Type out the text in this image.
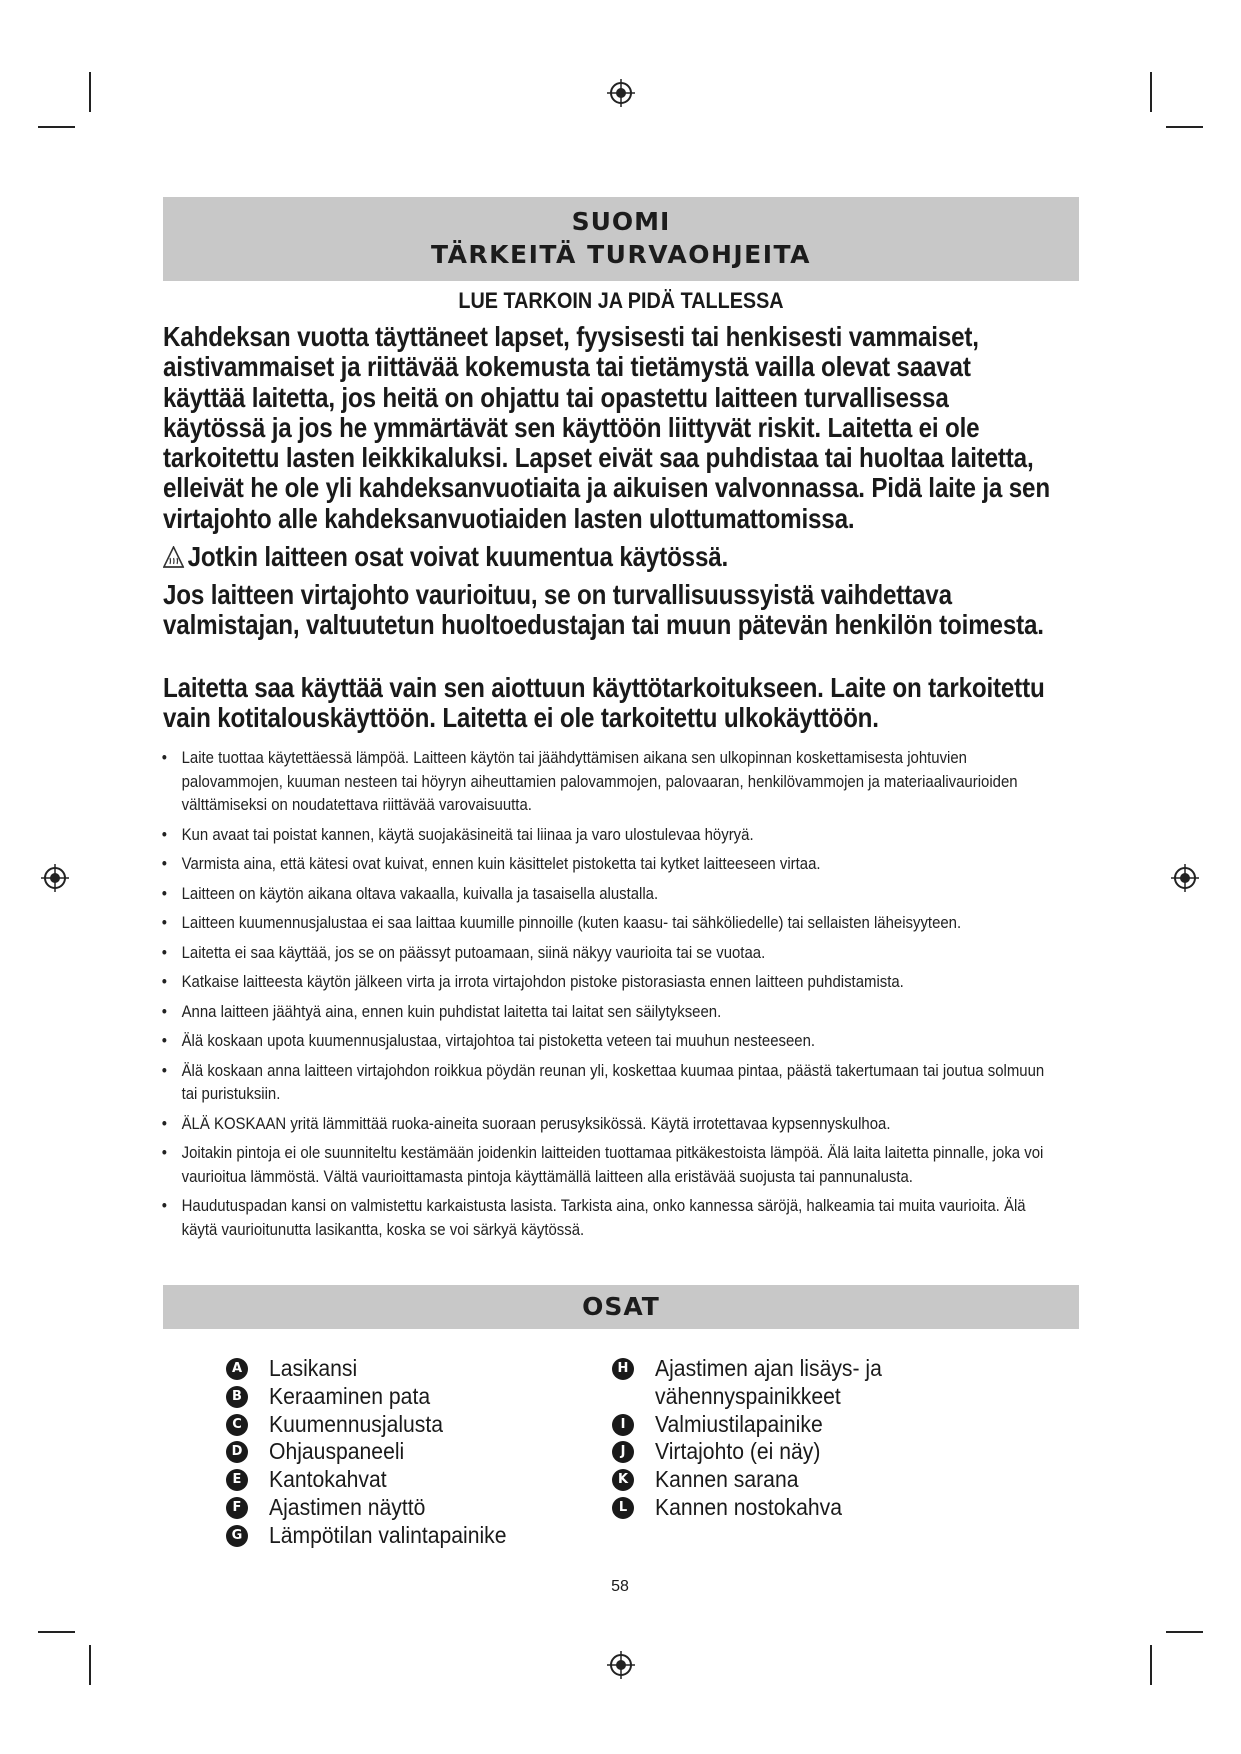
SUOMI
TÄRKEITÄ TURVAOHJEITA
LUE TARKOIN JA PIDÄ TALLESSA

Kahdeksan vuotta täyttäneet lapset, fyysisesti tai henkisesti vammaiset, aistivammaiset ja riittävää kokemusta tai tietämystä vailla olevat saavat käyttää laitetta, jos heitä on ohjattu tai opastettu laitteen turvallisessa käytössä ja jos he ymmärtävät sen käyttöön liittyvät riskit. Laitetta ei ole tarkoitettu lasten leikkikaluksi. Lapset eivät saa puhdistaa tai huoltaa laitetta, elleivät he ole yli kahdeksanvuotiaita ja aikuisen valvonnassa. Pidä laite ja sen virtajohto alle kahdeksanvuotiaiden lasten ulottumattomissa.

Jotkin laitteen osat voivat kuumentua käytössä.

Jos laitteen virtajohto vaurioituu, se on turvallisuussyistä vaihdettava valmistajan, valtuutetun huoltoedustajan tai muun pätevän henkilön toimesta.

Laitetta saa käyttää vain sen aiottuun käyttötarkoitukseen. Laite on tarkoitettu vain kotitalouskäyttöön. Laitetta ei ole tarkoitettu ulkokäyttöön.

• Laite tuottaa käytettäessä lämpöä. Laitteen käytön tai jäähdyttämisen aikana sen ulkopinnan koskettamisesta johtuvien palovammojen, kuuman nesteen tai höyryn aiheuttamien palovammojen, palovaaran, henkilövammojen ja materiaalivaurioiden välttämiseksi on noudatettava riittävää varovaisuutta.
• Kun avaat tai poistat kannen, käytä suojakäsineitä tai liinaa ja varo ulostulevaa höyryä.
• Varmista aina, että kätesi ovat kuivat, ennen kuin käsittelet pistoketta tai kytket laitteeseen virtaa.
• Laitteen on käytön aikana oltava vakaalla, kuivalla ja tasaisella alustalla.
• Laitteen kuumennusjalustaa ei saa laittaa kuumille pinnoille (kuten kaasu- tai sähköliedelle) tai sellaisten läheisyyteen.
• Laitetta ei saa käyttää, jos se on päässyt putoamaan, siinä näkyy vaurioita tai se vuotaa.
• Katkaise laitteesta käytön jälkeen virta ja irrota virtajohdon pistoke pistorasiasta ennen laitteen puhdistamista.
• Anna laitteen jäähtyä aina, ennen kuin puhdistat laitetta tai laitat sen säilytykseen.
• Älä koskaan upota kuumennusjalustaa, virtajohtoa tai pistoketta veteen tai muuhun nesteeseen.
• Älä koskaan anna laitteen virtajohdon roikkua pöydän reunan yli, koskettaa kuumaa pintaa, päästä takertumaan tai joutua solmuun tai puristuksiin.
• ÄLÄ KOSKAAN yritä lämmittää ruoka-aineita suoraan perusyksikössä. Käytä irrotettavaa kypsennyskulhoa.
• Joitakin pintoja ei ole suunniteltu kestämään joidenkin laitteiden tuottamaa pitkäkestoista lämpöä. Älä laita laitetta pinnalle, joka voi vaurioitua lämmöstä. Vältä vaurioittamasta pintoja käyttämällä laitteen alla eristävää suojusta tai pannunalusta.
• Haudutuspadan kansi on valmistettu karkaistusta lasista. Tarkista aina, onko kannessa säröjä, halkeamia tai muita vaurioita. Älä käytä vaurioitunutta lasikantta, koska se voi särkyä käytössä.
OSAT
A Lasikansi
B Keraaminen pata
C Kuumennusjalusta
D Ohjauspaneeli
E Kantokahvat
F Ajastimen näyttö
G Lämpötilan valintapainike
H Ajastimen ajan lisäys- ja
vähennyspainikkeet
I	Valmiustilapainike
J	Virtajohto (ei näy)
K Kannen sarana
L Kannen nostokahva
58
